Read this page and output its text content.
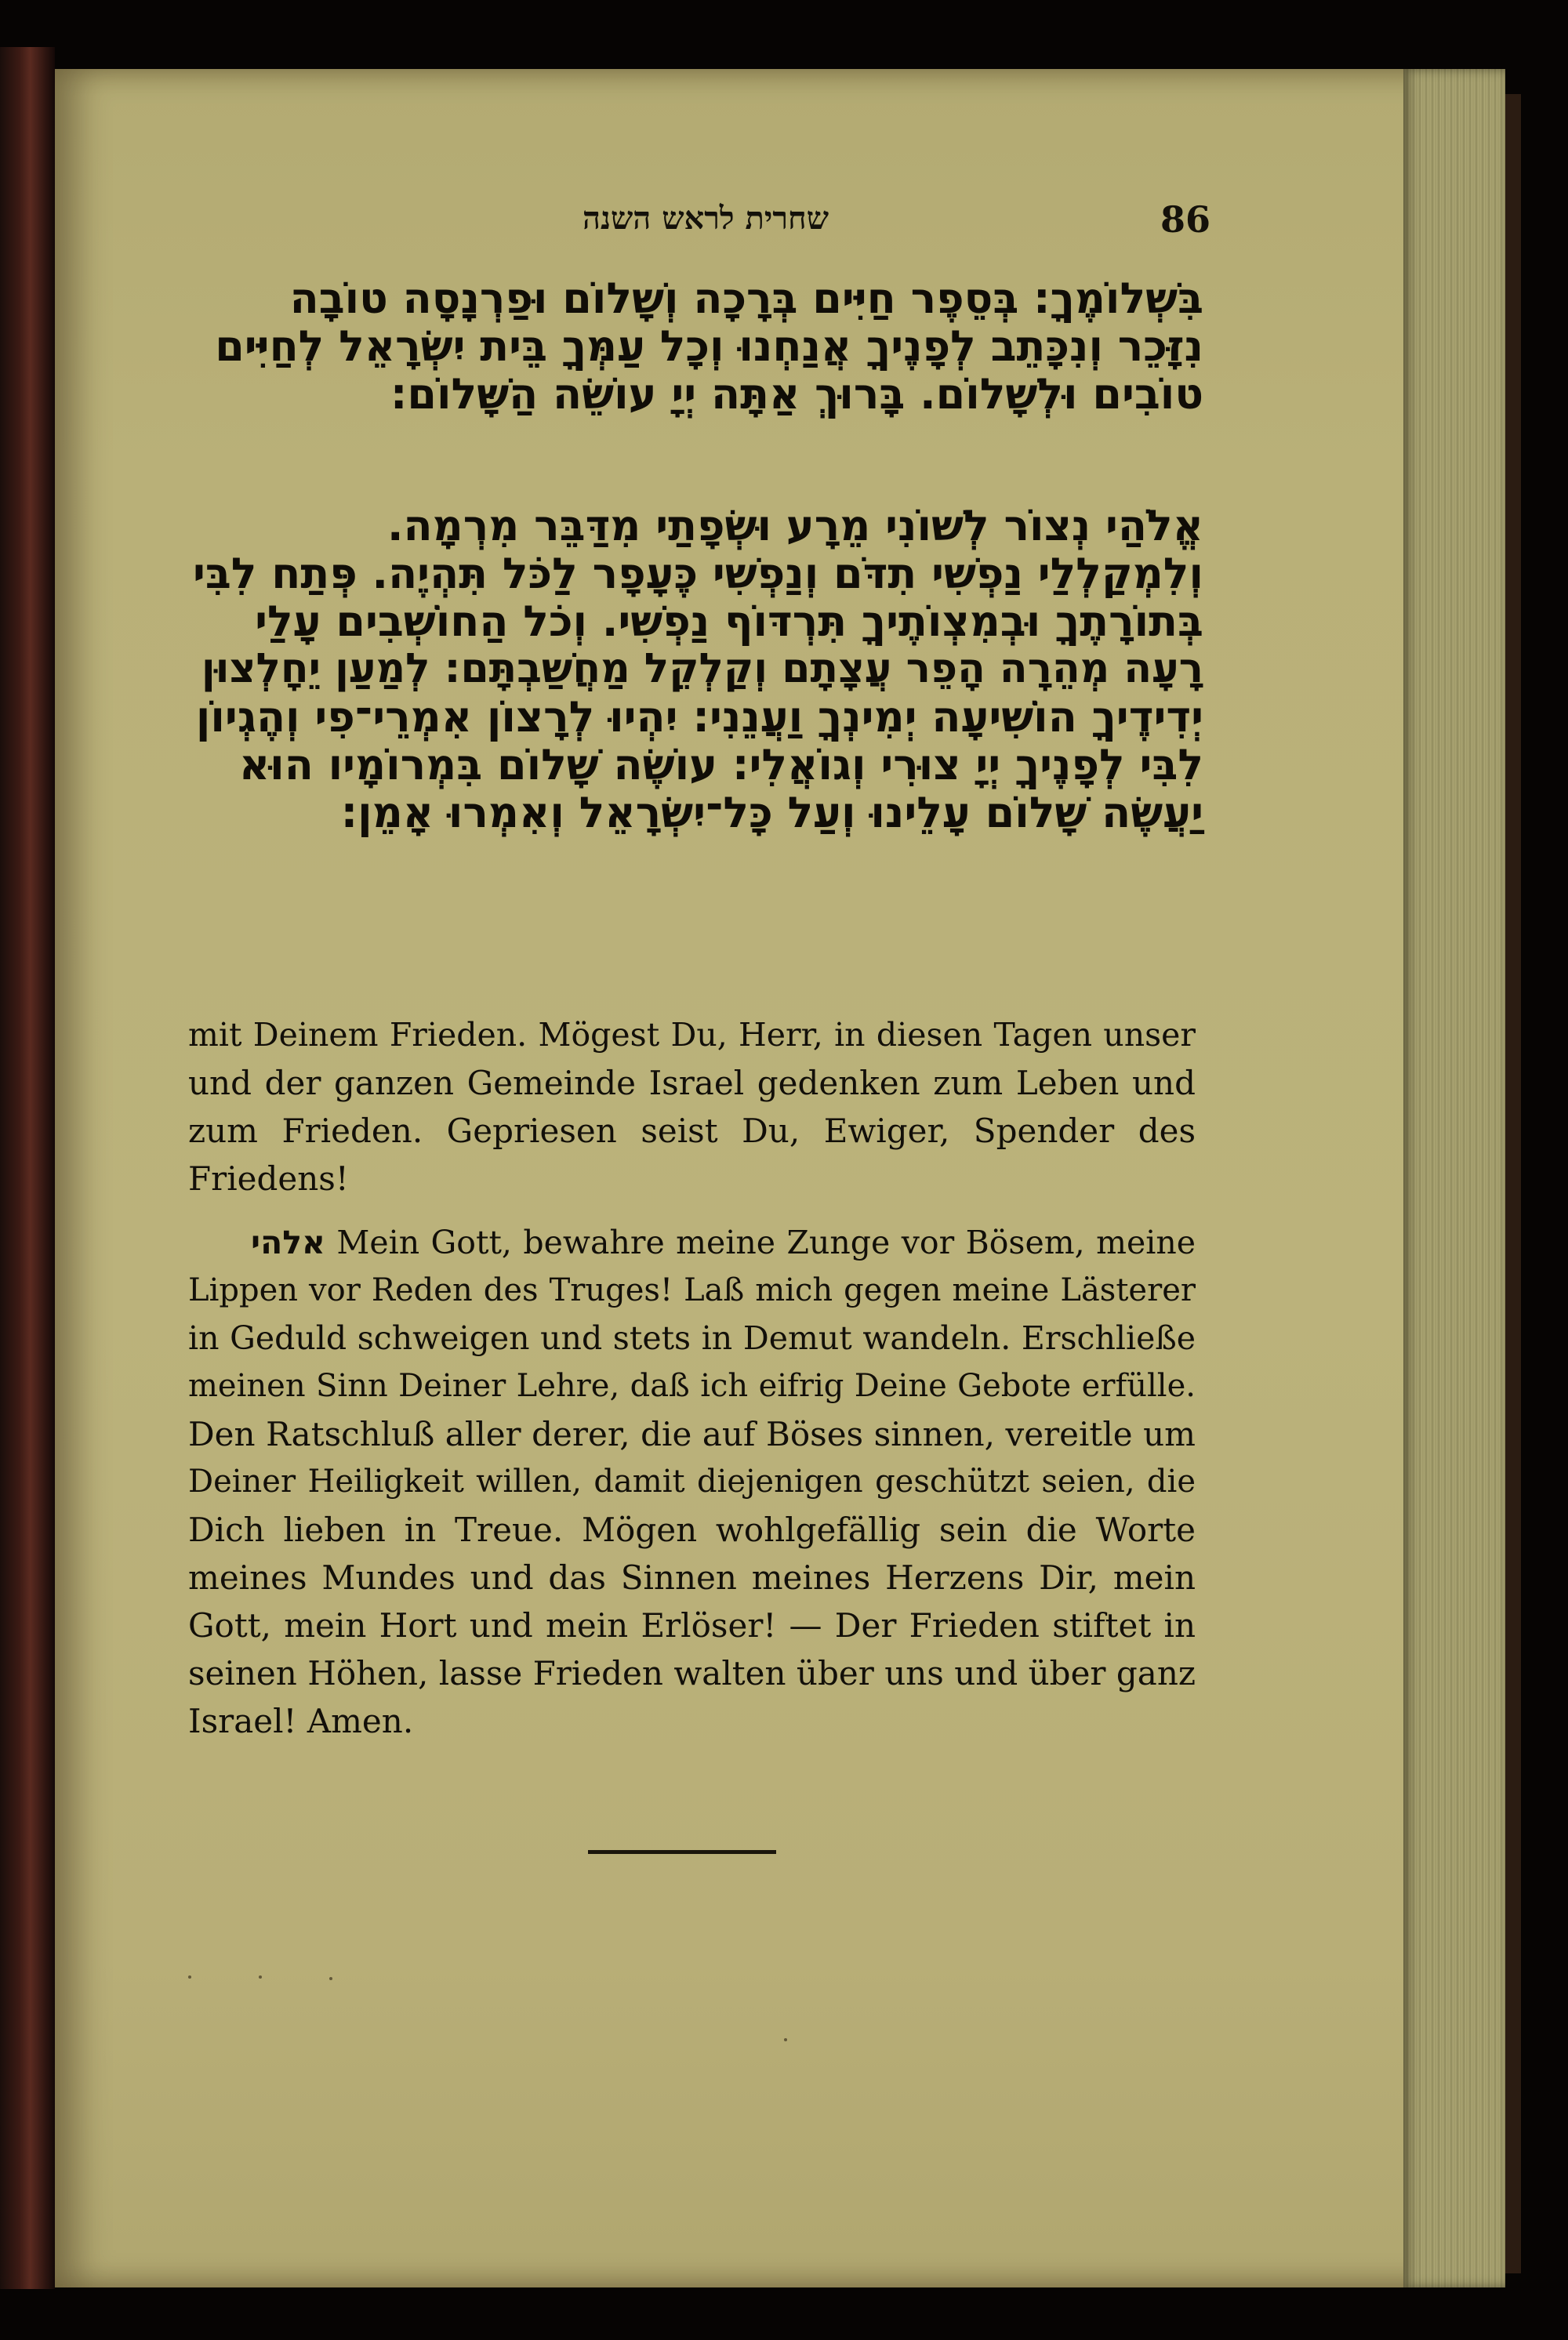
שחרית לראש השנה	86
בִּשְׁלוֹמֶךָ: בְּסֵפֶר חַיִּים בְּרָכָה וְשָׁלוֹם וּפַרְנָסָה טוֹבָה
נִזָּכֵר וְנִכָּתֵב לְפָנֶיךָ אֲנַחְנוּ וְכָל עַמְּךָ בֵּית יִשְׂרָאֵל לְחַיִּים
טוֹבִים וּלְשָׁלוֹם. בָּרוּךְ אַתָּה יְיָ עוֹשֵׂה הַשָּׁלוֹם:
אֱלֹהַי נְצוֹר לְשׁוֹנִי מֵרָע וּשְׂפָתַי מִדַּבֵּר מִרְמָה.
וְלִמְקַלְלַי נַפְשִׁי תִדֹּם וְנַפְשִׁי כֶּעָפָר לַכֹּל תִּהְיֶה. פְּתַח לִבִּי
בְּתוֹרָתֶךָ וּבְמִצְוֹתֶיךָ תִּרְדּוֹף נַפְשִׁי. וְכֹל הַחוֹשְׁבִים עָלַי
רָעָה מְהֵרָה הָפֵר עֲצָתָם וְקַלְקֵל מַחֲשַׁבְתָּם: לְמַעַן יֵחָלְצוּן
יְדִידֶיךָ הוֹשִׁיעָה יְמִינְךָ וַעֲנֵנִי: יִהְיוּ לְרָצוֹן אִמְרֵי־פִי וְהֶגְיוֹן
לִבִּי לְפָנֶיךָ יְיָ צוּרִי וְגוֹאֲלִי: עוֹשֶׂה שָׁלוֹם בִּמְרוֹמָיו הוּא
יַעֲשֶׂה שָׁלוֹם עָלֵינוּ וְעַל כָּל־יִשְׂרָאֵל וְאִמְרוּ אָמֵן:
mit Deinem Frieden. Mögest Du, Herr, in diesen Tagen unser
und der ganzen Gemeinde Israel gedenken zum Leben und
zum Frieden. Gepriesen seist Du, Ewiger, Spender des
Friedens!
אלהי Mein Gott, bewahre meine Zunge vor Bösem, meine
Lippen vor Reden des Truges! Laß mich gegen meine Lästerer
in Geduld schweigen und stets in Demut wandeln. Erschließe
meinen Sinn Deiner Lehre, daß ich eifrig Deine Gebote erfülle.
Den Ratschluß aller derer, die auf Böses sinnen, vereitle um
Deiner Heiligkeit willen, damit diejenigen geschützt seien, die
Dich lieben in Treue. Mögen wohlgefällig sein die Worte
meines Mundes und das Sinnen meines Herzens Dir, mein
Gott, mein Hort und mein Erlöser! — Der Frieden stiftet in
seinen Höhen, lasse Frieden walten über uns und über ganz
Israel! Amen.
